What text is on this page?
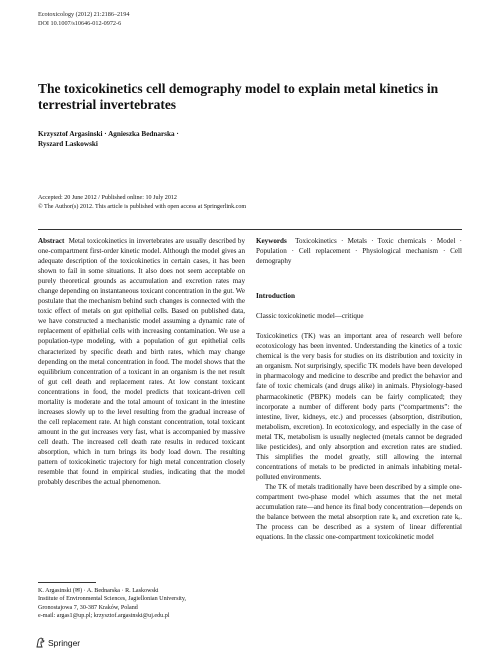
Ecotoxicology (2012) 21:2186–2194
DOI 10.1007/s10646-012-0972-6
The toxicokinetics cell demography model to explain metal kinetics in terrestrial invertebrates
Krzysztof Argasinski · Agnieszka Bednarska ·
Ryszard Laskowski
Accepted: 20 June 2012 / Published online: 10 July 2012
© The Author(s) 2012. This article is published with open access at Springerlink.com

Abstract Metal toxicokinetics in invertebrates are usually described by one-compartment first-order kinetic model. Although the model gives an adequate description of the toxicokinetics in certain cases, it has been shown to fail in some situations. It also does not seem acceptable on purely theoretical grounds as accumulation and excretion rates may change depending on instantaneous toxicant concentration in the gut. We postulate that the mechanism behind such changes is connected with the toxic effect of metals on gut epithelial cells. Based on published data, we have constructed a mechanistic model assuming a dynamic rate of replacement of epithelial cells with increasing contamination. We use a population-type modeling, with a population of gut epithelial cells characterized by specific death and birth rates, which may change depending on the metal concentration in food. The model shows that the equilibrium concentration of a toxicant in an organism is the net result of gut cell death and replacement rates. At low constant toxicant concentrations in food, the model predicts that toxicant-driven cell mortality is moderate and the total amount of toxicant in the intestine increases slowly up to the level resulting from the gradual increase of the cell replacement rate. At high constant concentration, total toxicant amount in the gut increases very fast, what is accompanied by massive cell death. The increased cell death rate results in reduced toxicant absorption, which in turn brings its body load down. The resulting pattern of toxicokinetic trajectory for high metal concentration closely resemble that found in empirical studies, indicating that the model probably describes the actual phenomenon.

Keywords Toxicokinetics · Metals · Toxic chemicals · Model · Population · Cell replacement · Physiological mechanism · Cell demography

Introduction
Classic toxicokinetic model—critique

Toxicokinetics (TK) was an important area of research well before ecotoxicology has been invented. Understanding the kinetics of a toxic chemical is the very basis for studies on its distribution and toxicity in an organism. Not surprisingly, specific TK models have been developed in pharmacology and medicine to describe and predict the behavior and fate of toxic chemicals (and drugs alike) in animals. Physiology-based pharmacokinetic (PBPK) models can be fairly complicated; they incorporate a number of different body parts (“compartments”: the intestine, liver, kidneys, etc.) and processes (absorption, distribution, metabolism, excretion). In ecotoxicology, and especially in the case of metal TK, metabolism is usually neglected (metals cannot be degraded like pesticides), and only absorption and excretion rates are studied. This simplifies the model greatly, still allowing the internal concentrations of metals to be predicted in animals inhabiting metal-polluted environments.

The TK of metals traditionally have been described by a simple one-compartment two-phase model which assumes that the net metal accumulation rate—and hence its final body concentration—depends on the balance between the metal absorption rate kₐ and excretion rate kₑ. The process can be described as a system of linear differential equations. In the classic one-compartment toxicokinetic model

K. Argasinski (✉) · A. Bednarska · R. Laskowski
Institute of Environmental Sciences, Jagiellonian University,
Gronostajowa 7, 30-387 Kraków, Poland
e-mail: argas1@up.pl; krzysztof.argasinski@uj.edu.pl
Springer
